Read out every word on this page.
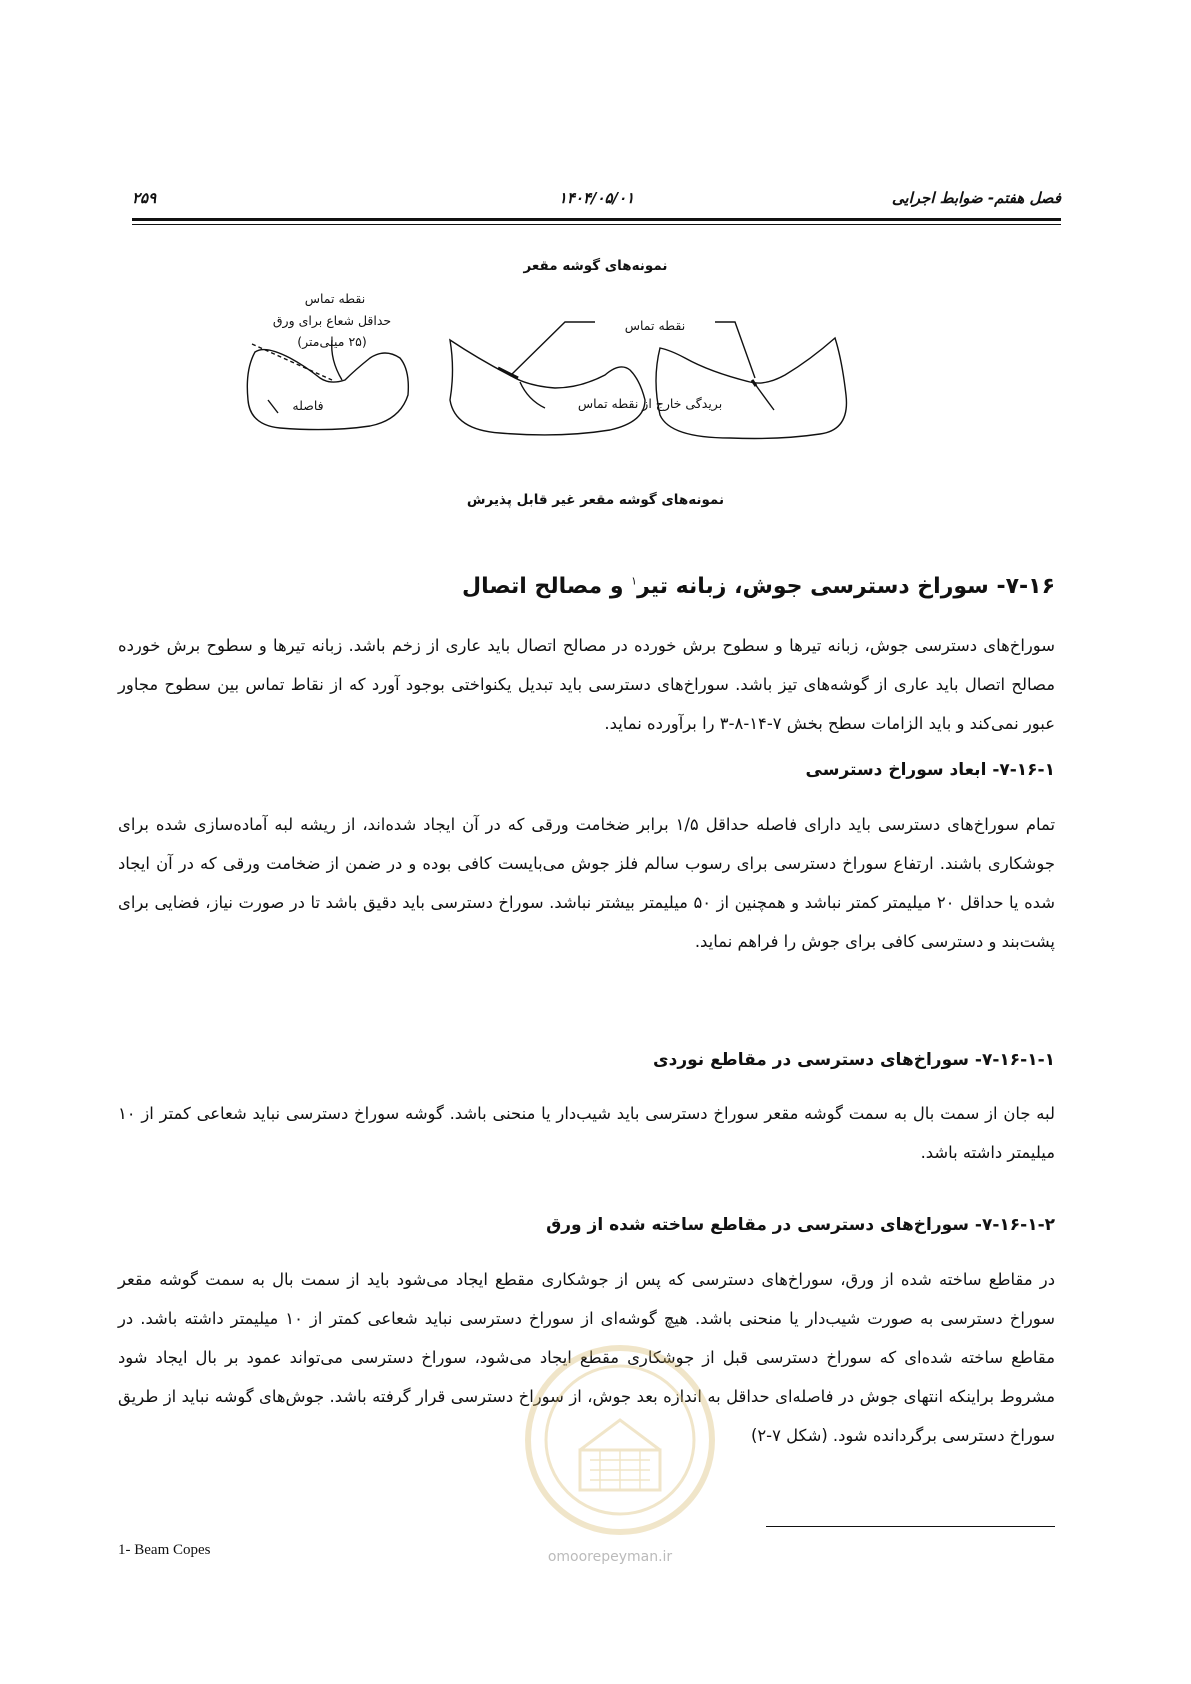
فصل هفتم- ضوابط اجرایی
۱۴۰۴/۰۵/۰۱
۲۵۹
نمونه‌های گوشه مقعر
نقطه تماس
حداقل شعاع برای ورق
(۲۵ میلی‌متر)
فاصله
نقطه تماس
بریدگی خارج از نقطه تماس
نمونه‌های گوشه مقعر غیر قابل پذیرش
۷-۱۶- سوراخ دسترسی جوش، زبانه تیر$^۱$ و مصالح اتصال

سوراخ‌های دسترسی جوش، زبانه تیرها و سطوح برش خورده در مصالح اتصال باید عاری از زخم باشد. زبانه تیرها و سطوح برش خورده مصالح اتصال باید عاری از گوشه‌های تیز باشد. سوراخ‌های دسترسی باید تبدیل یکنواختی بوجود آورد که از نقاط تماس بین سطوح مجاور عبور نمی‌کند و باید الزامات سطح بخش ۷-۱۴-۸-۳ را برآورده نماید.

۷-۱۶-۱- ابعاد سوراخ دسترسی

تمام سوراخ‌های دسترسی باید دارای فاصله حداقل ۱/۵ برابر ضخامت ورقی که در آن ایجاد شده‌اند، از ریشه لبه آماده‌سازی شده برای جوشکاری باشند. ارتفاع سوراخ دسترسی برای رسوب سالم فلز جوش می‌بایست کافی بوده و در ضمن از ضخامت ورقی که در آن ایجاد شده یا حداقل ۲۰ میلیمتر کمتر نباشد و همچنین از ۵۰ میلیمتر بیشتر نباشد. سوراخ دسترسی باید دقیق باشد تا در صورت نیاز، فضایی برای پشت‌بند و دسترسی کافی برای جوش را فراهم نماید.

۷-۱۶-۱-۱- سوراخ‌های دسترسی در مقاطع نوردی

لبه جان از سمت بال به سمت گوشه مقعر سوراخ دسترسی باید شیب‌دار یا منحنی باشد. گوشه سوراخ دسترسی نباید شعاعی کمتر از ۱۰ میلیمتر داشته باشد.

۷-۱۶-۱-۲- سوراخ‌های دسترسی در مقاطع ساخته شده از ورق

در مقاطع ساخته شده از ورق، سوراخ‌های دسترسی که پس از جوشکاری مقطع ایجاد می‌شود باید از سمت بال به سمت گوشه مقعر سوراخ دسترسی به صورت شیب‌دار یا منحنی باشد. هیچ گوشه‌ای از سوراخ دسترسی نباید شعاعی کمتر از ۱۰ میلیمتر داشته باشد. در مقاطع ساخته شده‌ای که سوراخ دسترسی قبل از جوشکاری مقطع ایجاد می‌شود، سوراخ دسترسی می‌تواند عمود بر بال ایجاد شود مشروط براینکه انتهای جوش در فاصله‌ای حداقل به اندازه بعد جوش، از سوراخ دسترسی قرار گرفته باشد. جوش‌های گوشه نباید از طریق سوراخ دسترسی برگردانده شود. (شکل ۷-۲)

omoorepeyman.ir
1- Beam Copes
